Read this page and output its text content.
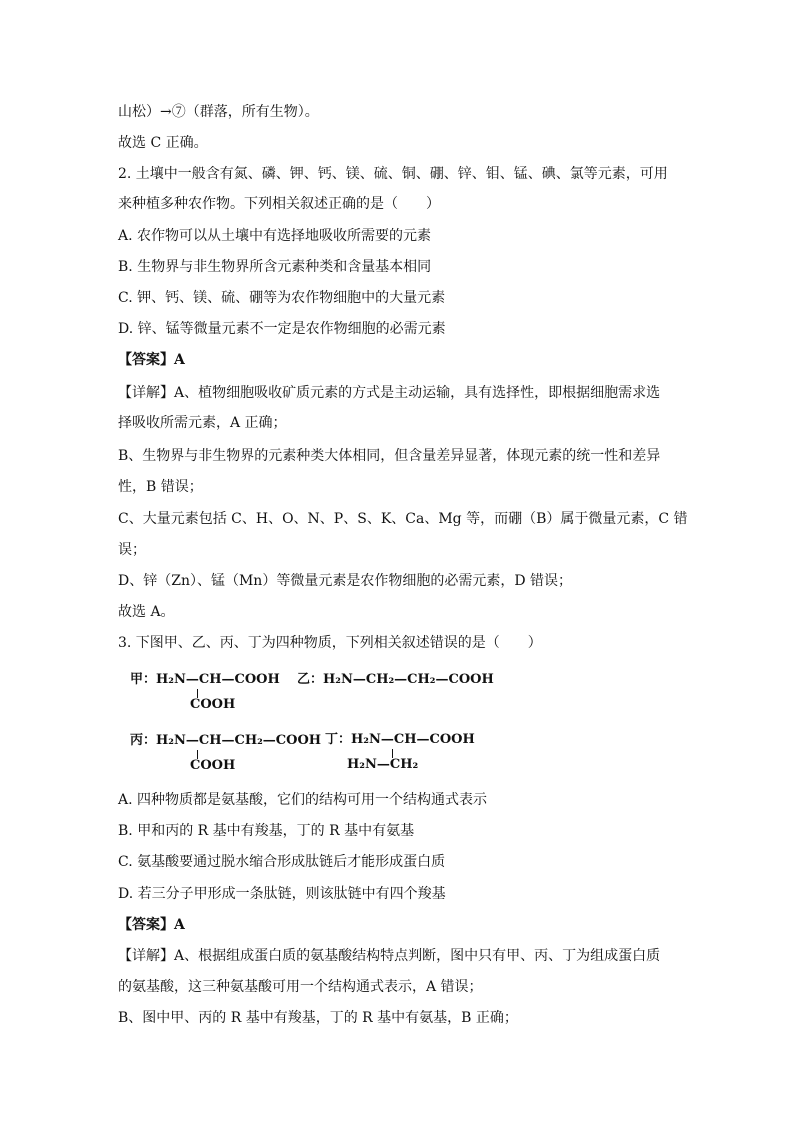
山松）→⑦（群落，所有生物）。
故选 C 正确。
2. 土壤中一般含有氮、磷、钾、钙、镁、硫、铜、硼、锌、钼、锰、碘、氯等元素，可用
来种植多种农作物。下列相关叙述正确的是（　　）
A. 农作物可以从土壤中有选择地吸收所需要的元素
B. 生物界与非生物界所含元素种类和含量基本相同
C. 钾、钙、镁、硫、硼等为农作物细胞中的大量元素
D. 锌、锰等微量元素不一定是农作物细胞的必需元素
【答案】A
【详解】A、植物细胞吸收矿质元素的方式是主动运输，具有选择性，即根据细胞需求选
择吸收所需元素，A 正确；
B、生物界与非生物界的元素种类大体相同，但含量差异显著，体现元素的统一性和差异
性，B 错误；
C、大量元素包括 C、H、O、N、P、S、K、Ca、Mg 等，而硼（B）属于微量元素，C 错
误；
D、锌（Zn）、锰（Mn）等微量元素是农作物细胞的必需元素，D 错误；
故选 A。
3. 下图甲、乙、丙、丁为四种物质，下列相关叙述错误的是（　　）
甲：H₂N—CH—COOH
COOH
乙：H₂N—CH₂—CH₂—COOH
丙：H₂N—CH—CH₂—COOH
COOH
丁：H₂N—CH—COOH
H₂N—CH₂
A. 四种物质都是氨基酸，它们的结构可用一个结构通式表示
B. 甲和丙的 R 基中有羧基，丁的 R 基中有氨基
C. 氨基酸要通过脱水缩合形成肽链后才能形成蛋白质
D. 若三分子甲形成一条肽链，则该肽链中有四个羧基
【答案】A
【详解】A、根据组成蛋白质的氨基酸结构特点判断，图中只有甲、丙、丁为组成蛋白质
的氨基酸，这三种氨基酸可用一个结构通式表示，A 错误；
B、图中甲、丙的 R 基中有羧基，丁的 R 基中有氨基，B 正确；
